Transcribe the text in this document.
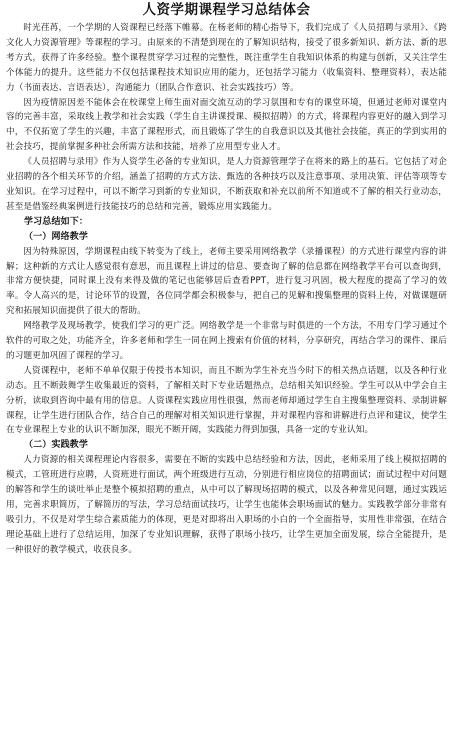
人资学期课程学习总结体会

时光荏苒，一个学期的人资课程已经落下帷幕。在杨老师的精心指导下，我们完成了《人员招聘与录用》、《跨文化人力资源管理》等课程的学习。由原来的不清楚到现在的了解知识结构，接受了很多新知识、新方法、新的思考方式，获得了许多经验。整个课程贯穿学习过程的完整性，既注重学生自我知识体系的构建与创新，又关注学生个体能力的提升。这些能力不仅包括课程技术知识应用的能力，还包括学习能力（收集资料、整理资料），表达能力（书面表达、言语表达），沟通能力（团队合作意识、社会实践技巧）等。

因为疫情原因差不能体会在校课堂上师生面对面交流互动的学习氛围和专有的课堂环境，但通过老师对课堂内容的完善丰富，采取线上教学和社会实践（学生自主讲课授课、模拟招聘）的方式，将课程内容更好的融入到学习中，不仅拓宽了学生的兴趣，丰富了课程形式，而且锻炼了学生的自我意识以及其他社会技能，真正的学到实用的社会技巧，提前掌握多种社会所需方法和技能，培养了应用型专业人才。

《人员招聘与录用》作为人资学生必备的专业知识，是人力资源管理学子在将来的路上的基石。它包括了对企业招聘的各个相关环节的介绍，涵盖了招聘的方式方法、甄选的各种技巧以及注意事项、录用决策、评估等项等专业知识。在学习过程中，可以不断学习到新的专业知识，不断获取和补充以前所不知道或不了解的相关行业动态，甚至是借鉴经典案例进行技能技巧的总结和完善，锻炼应用实践能力。

学习总结如下：

（一）网络教学

因为特殊原因，学期课程由线下转变为了线上，老师主要采用网络教学（录播课程）的方式进行课堂内容的讲解；这种新的方式让人感觉很有意思，而且课程上讲过的信息、要查询了解的信息都在网络教学平台可以查询到，非常方便快捷，同时课上没有来得及做的笔记也能够居后查看PPT，进行复习巩固，极大程度的提高了学习的效率。令人高兴的是，讨论环节的设置，各位同学都会积极参与，把自己的见解和搜集整理的资料上传，对做课题研究和拓展知识面提供了很大的帮助。

网络教学及现场教学，使我们学习的更广泛。网络教学是一个非常与时俱进的一个方法，不用专门学习通过个软件的可取之处，功能齐全，许多老师和学生一同在网上搜索有价值的材料，分享研究，再结合学习的课件、课后的习题更加巩固了课程的学习。

人资课程中，老师不单单仅限于传授书本知识，而且不断为学生补充当今时下的相关热点话题，以及各种行业动态。且不断鼓舞学生收集最近的资料，了解相关时下专业话题热点，总结相关知识经验。学生可以从中学会自主分析，读取到咨询中最有用的信息。人资课程实践应用性很强，然而老师却通过学生自主搜集整理资料、录制讲解课程，让学生进行团队合作，结合自己的理解对相关知识进行掌握，并对课程内容和讲解进行点评和建议，使学生在专业课程上专业的认识不断加深，眼光不断开阔，实践能力得到加强，具备一定的专业认知。

（二）实践教学

人力资源的相关课程理论内容很多，需要在不断的实践中总结经验和方法，因此，老师采用了线上模拟招聘的模式，工管班进行应聘，人资班进行面试，两个班级进行互动，分别进行相应岗位的招聘面试；面试过程中对问题的解答和学生的谈吐举止是整个模拟招聘的重点，从中可以了解现场招聘的模式，以及各种常见问题，通过实践运用，完善求职简历，了解简历的写法，学习总结面试技巧，让学生也能体会职场面试的魅力。实践教学部分非常有吸引力，不仅是对学生综合素质能力的体现，更是对即将出入职场的小白的一个全面指导，实用性非常强，在结合理论基础上进行了总结运用，加深了专业知识理解，获得了职场小技巧，让学生更加全面发展，综合全能提升，是一种很好的教学模式，收获良多。
